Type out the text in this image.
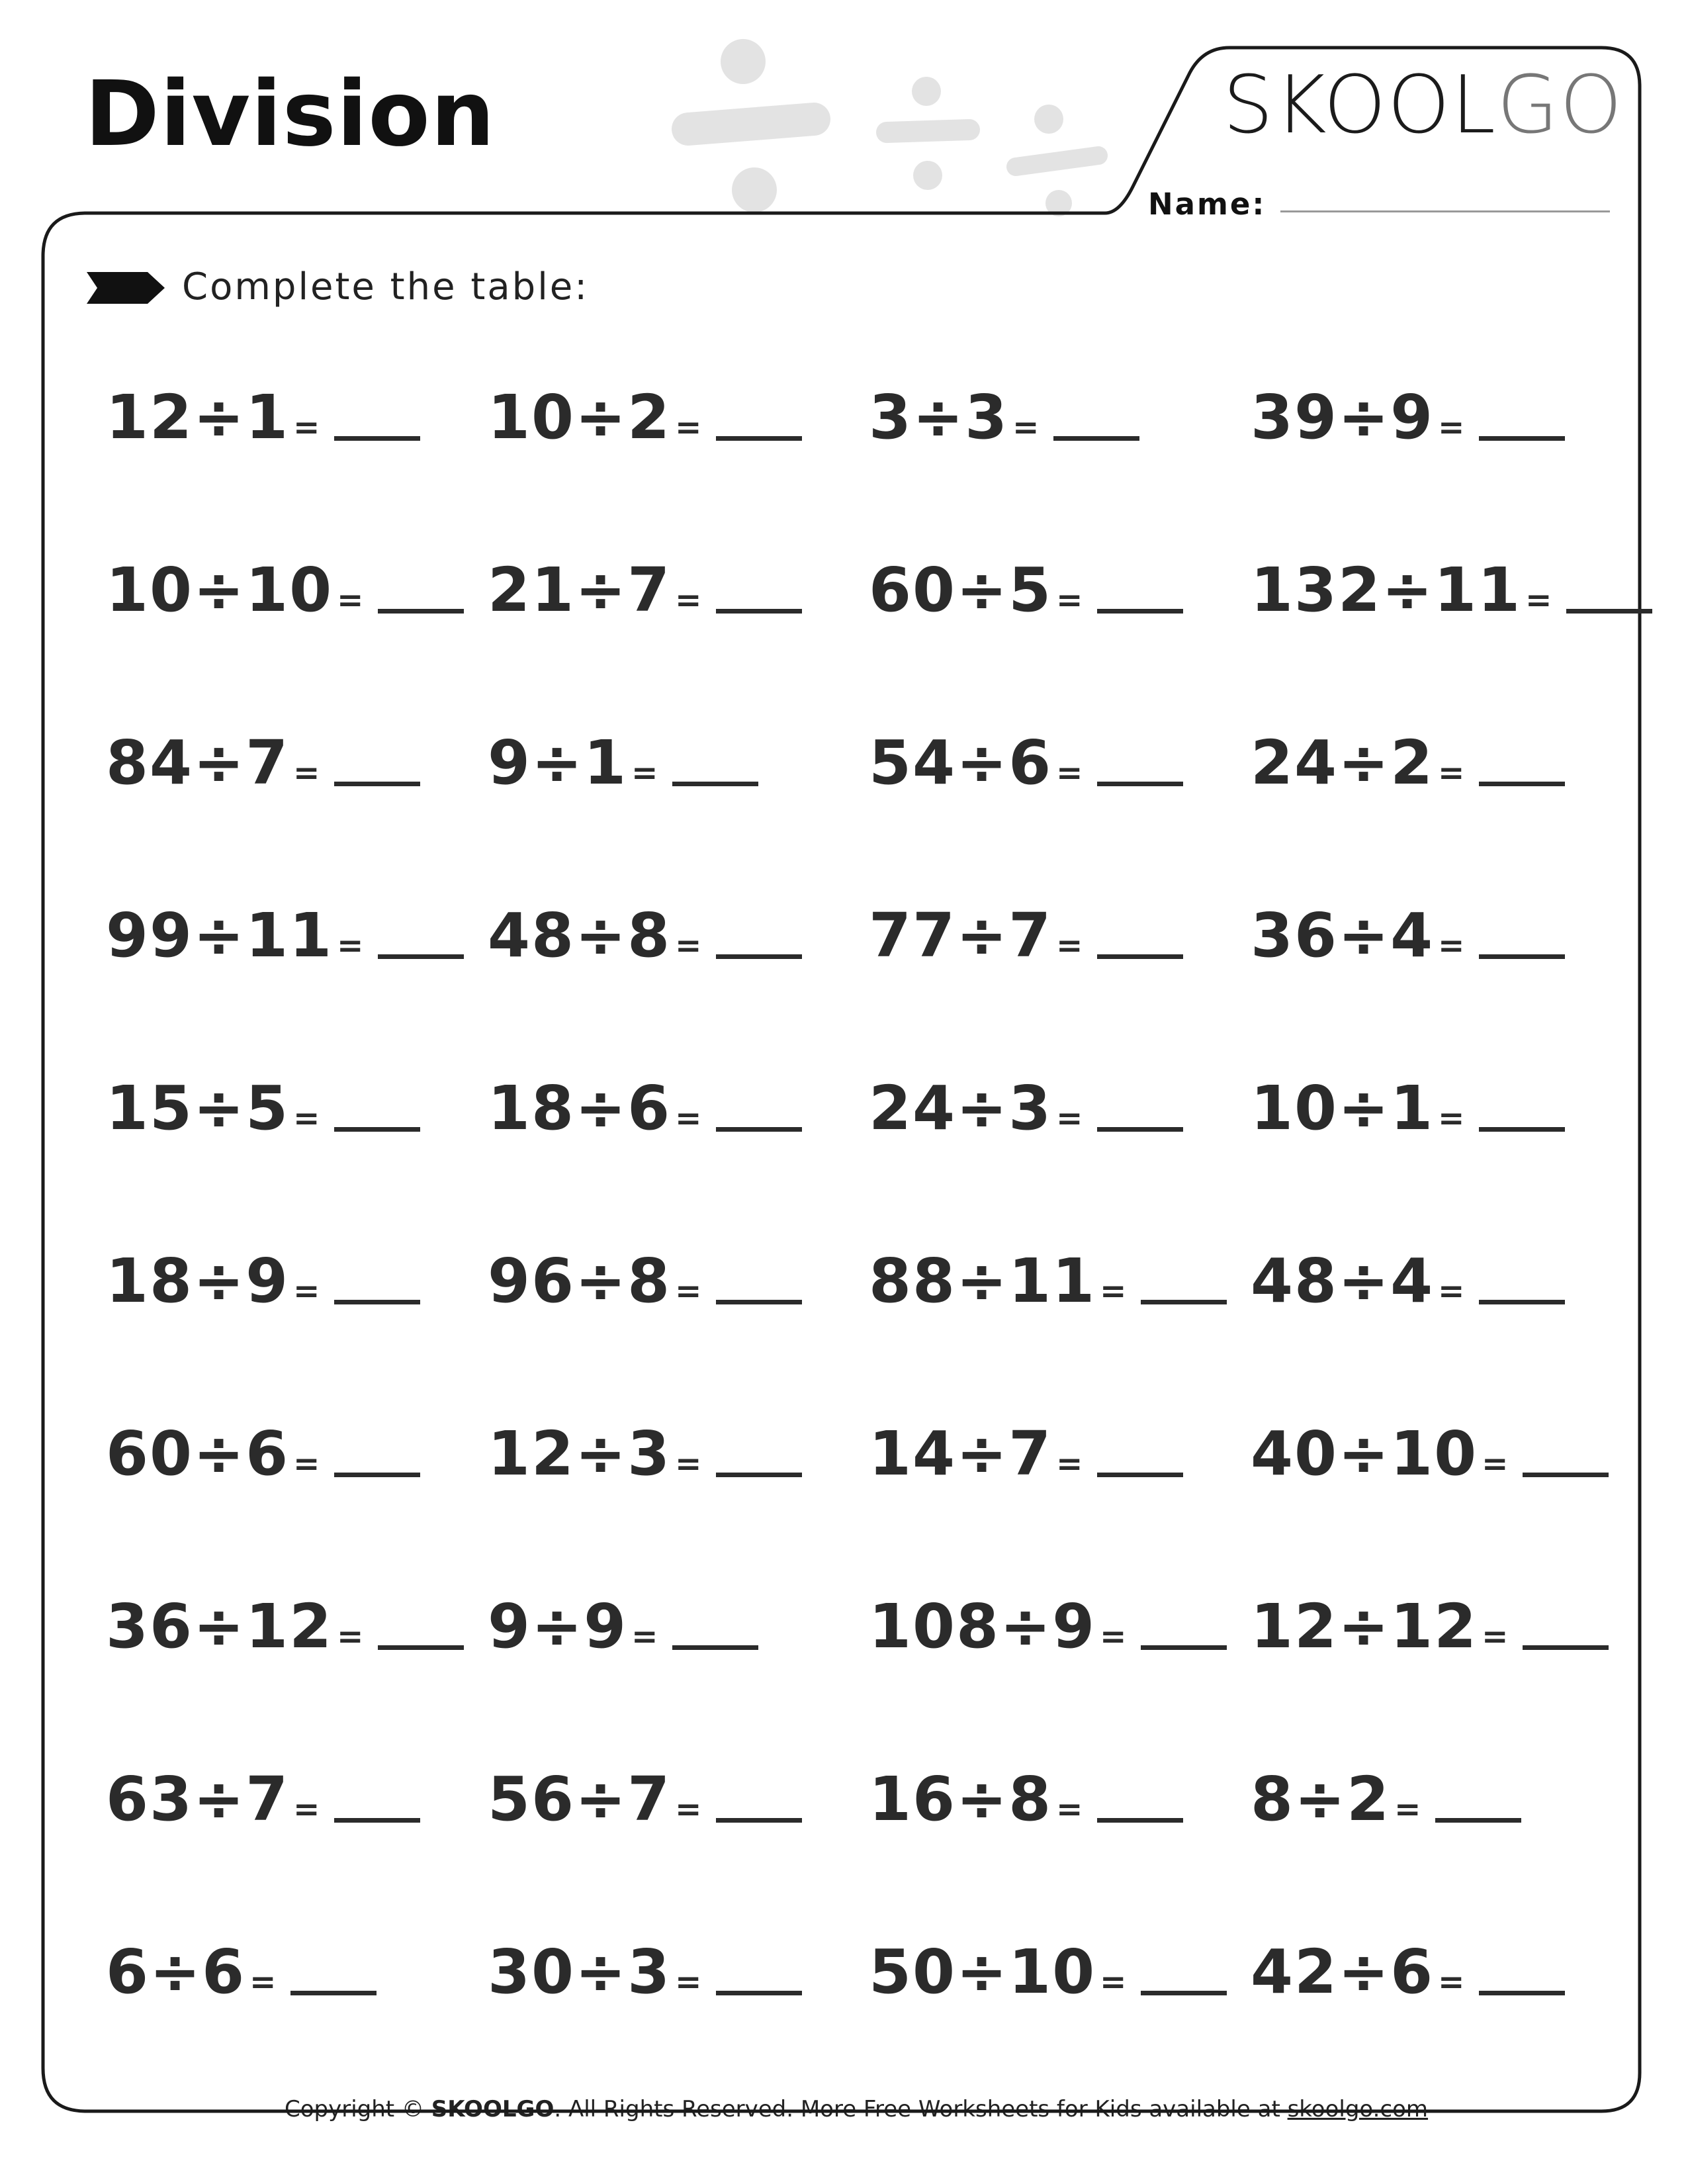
Division	SKOOLGO
Name:
Complete the table:
12÷1 =	10÷2 =	3÷3 =	39÷9 =
10÷10 = 21÷7 =	60÷5 =	132÷11 =
84÷7 =	9÷1 =	54÷6 =	24÷2 =
99÷11 = 48÷8 =	77÷7 =	36÷4 =
15÷5 =	18÷6 =	24÷3 =	10÷1 =
18÷9 =	96÷8 =	88÷11 = 48÷4 =
60÷6 =	12÷3 =	14÷7 =	40÷10 =
36÷12 = 9÷9 =	108÷9 = 12÷12 =
63÷7 =	56÷7 =	16÷8 =	8÷2 =
6÷6 =	30÷3 =	50÷10 = 42÷6 =
Copyright © SKOOLGO. All Rights Reserved. More Free Worksheets for Kids available at skoolgo.com
